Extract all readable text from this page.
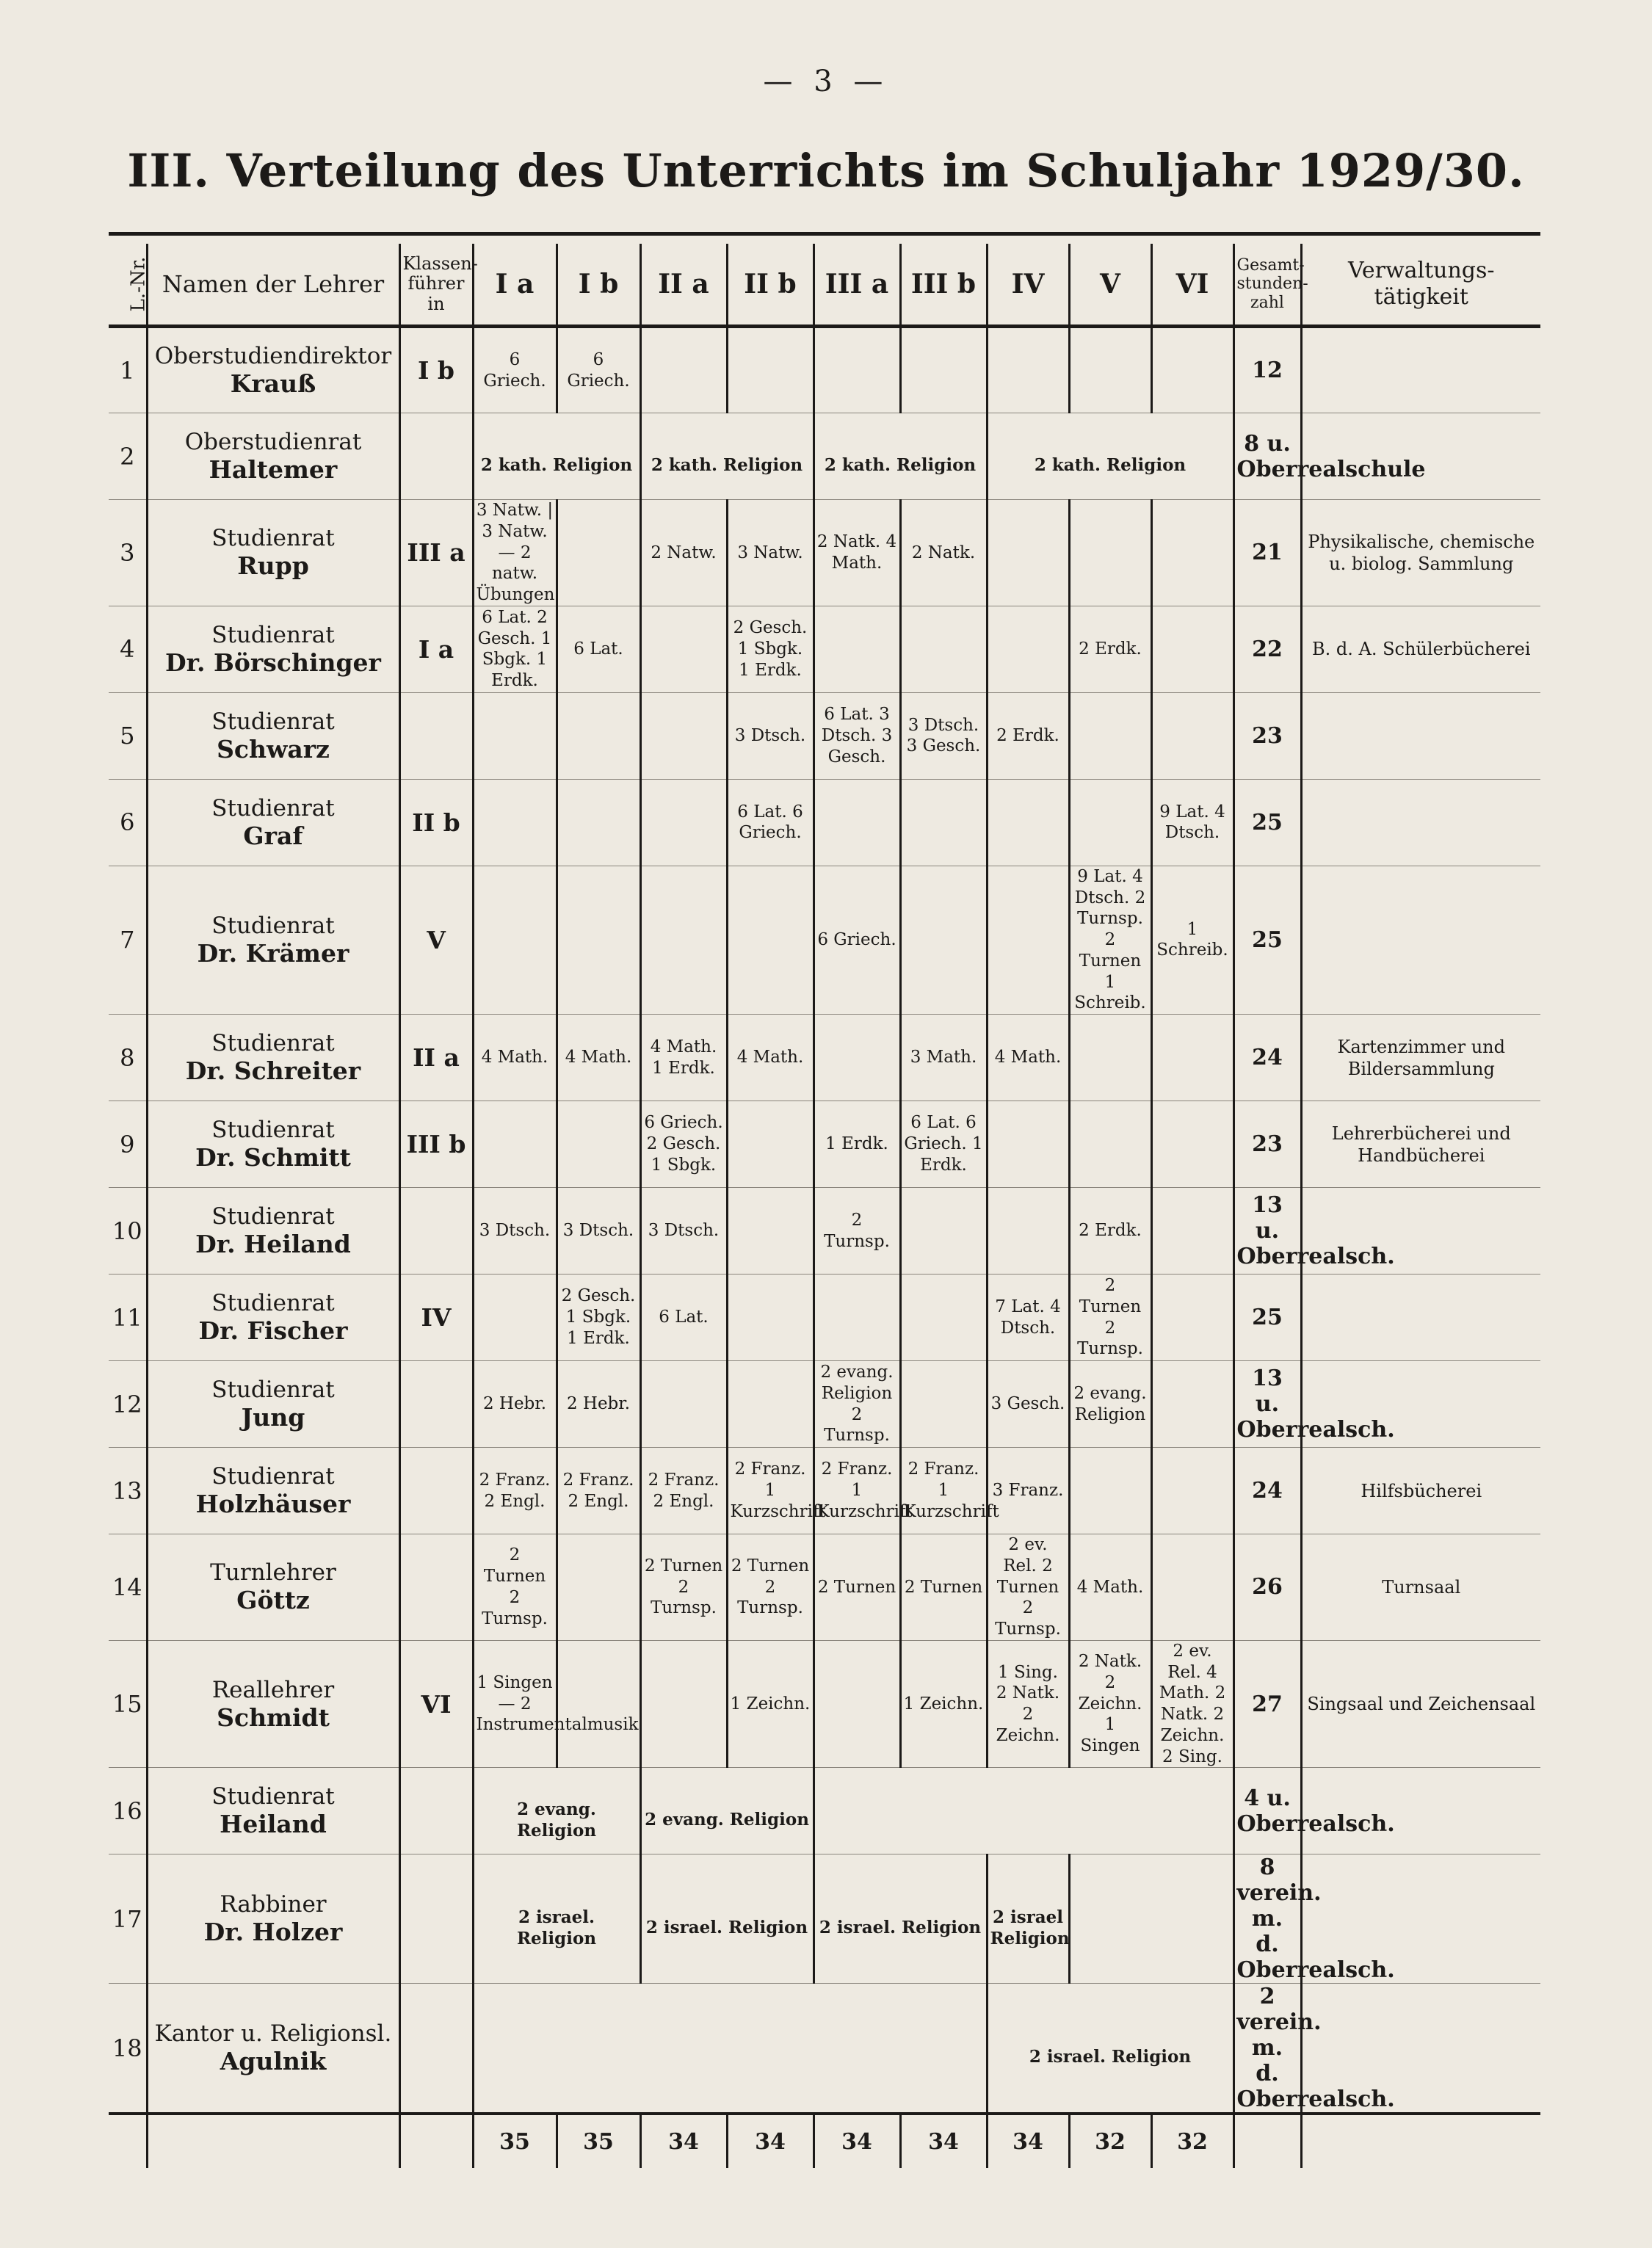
— 3 —
III. Verteilung des Unterrichts im Schuljahr 1929/30.
L.-Nr.	Namen der Lehrer	Klassen-führer in	I a	I b	II a	II b	III a	III b	IV	V	VI	Gesamt-stunden-zahl	Verwaltungs-tätigkeit
1	Oberstudiendirektor
Krauß	I b	6 Griech.	6 Griech.								12	
2	Oberstudienrat
Haltemer		2 kath. Religion		2 kath. Religion		2 kath. Religion		2 kath. Religion			8 u. Oberrealschule	
3	Studienrat
Rupp	III a	3 Natw. | 3 Natw. — 2 natw. Übungen		2 Natw.	3 Natw.	2 Natk. 4 Math.	2 Natk.				21	Physikalische, chemische u. biolog. Sammlung
4	Studienrat
Dr. Börschinger	I a	6 Lat. 2 Gesch. 1 Sbgk. 1 Erdk.	6 Lat.		2 Gesch. 1 Sbgk. 1 Erdk.				2 Erdk.		22	B. d. A. Schülerbücherei
5	Studienrat
Schwarz					3 Dtsch.	6 Lat. 3 Dtsch. 3 Gesch.	3 Dtsch. 3 Gesch.	2 Erdk.			23	
6	Studienrat
Graf	II b				6 Lat. 6 Griech.					9 Lat. 4 Dtsch.	25	
7	Studienrat
Dr. Krämer	V					6 Griech.			9 Lat. 4 Dtsch. 2 Turnsp. 2 Turnen 1 Schreib.	1 Schreib.	25	
8	Studienrat
Dr. Schreiter	II a	4 Math.	4 Math.	4 Math. 1 Erdk.	4 Math.		3 Math.	4 Math.			24	Kartenzimmer und Bildersammlung
9	Studienrat
Dr. Schmitt	III b			6 Griech. 2 Gesch. 1 Sbgk.		1 Erdk.	6 Lat. 6 Griech. 1 Erdk.				23	Lehrerbücherei und Handbücherei
10	Studienrat
Dr. Heiland		3 Dtsch.	3 Dtsch.	3 Dtsch.		2 Turnsp.			2 Erdk.		13 u. Oberrealsch.	
11	Studienrat
Dr. Fischer	IV		2 Gesch. 1 Sbgk. 1 Erdk.	6 Lat.				7 Lat. 4 Dtsch.	2 Turnen 2 Turnsp.		25	
12	Studienrat
Jung		2 Hebr.	2 Hebr.			2 evang. Religion 2 Turnsp.		3 Gesch.	2 evang. Religion		13 u. Oberrealsch.	
13	Studienrat
Holzhäuser		2 Franz. 2 Engl.	2 Franz. 2 Engl.	2 Franz. 2 Engl.	2 Franz. 1 Kurzschrift	2 Franz. 1 Kurzschrift	2 Franz. 1 Kurzschrift	3 Franz.			24	Hilfsbücherei
14	Turnlehrer
Göttz		2 Turnen 2 Turnsp.		2 Turnen 2 Turnsp.	2 Turnen 2 Turnsp.	2 Turnen	2 Turnen	2 ev. Rel. 2 Turnen 2 Turnsp.	4 Math.		26	Turnsaal
15	Reallehrer
Schmidt	VI	1 Singen — 2 Instrumentalmusik			1 Zeichn.		1 Zeichn.	1 Sing. 2 Natk. 2 Zeichn.	2 Natk. 2 Zeichn. 1 Singen	2 ev. Rel. 4 Math. 2 Natk. 2 Zeichn. 2 Sing.	27	Singsaal und Zeichensaal
16	Studienrat
Heiland		2 evang. Religion		2 evang. Religion							4 u. Oberrealsch.	
17	Rabbiner
Dr. Holzer		2 israel. Religion		2 israel. Religion		2 israel. Religion		2 israel Religion			8 verein. m. d. Oberrealsch.	
18	Kantor u. Religionsl.
Agulnik								2 israel. Religion			2 verein. m. d. Oberrealsch.	
			35	35	34	34	34	34	34	32	32		
